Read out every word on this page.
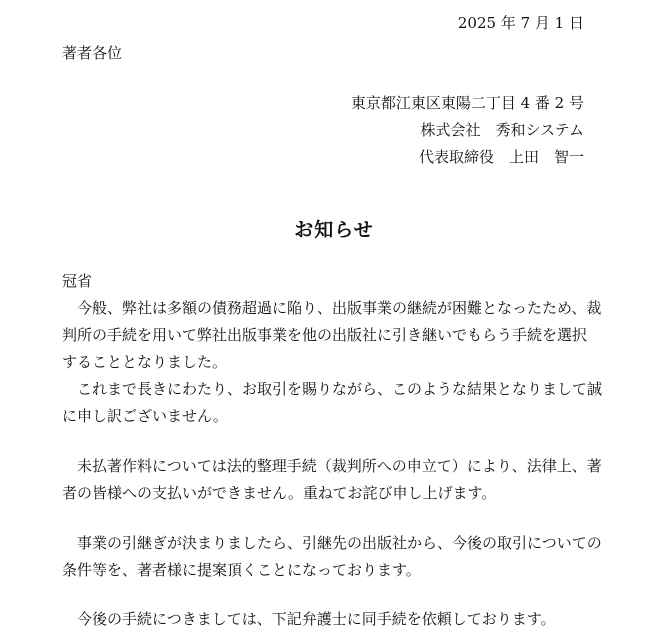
2025 年 7 月 1 日
著者各位
東京都江東区東陽二丁目 4 番 2 号
株式会社　秀和システム
代表取締役　上田　智一
お知らせ
冠省
　今般、弊社は多額の債務超過に陥り、出版事業の継続が困難となったため、裁
判所の手続を用いて弊社出版事業を他の出版社に引き継いでもらう手続を選択
することとなりました。
　これまで長きにわたり、お取引を賜りながら、このような結果となりまして誠
に申し訳ございません。
　未払著作料については法的整理手続（裁判所への申立て）により、法律上、著
者の皆様への支払いができません。重ねてお詫び申し上げます。
　事業の引継ぎが決まりましたら、引継先の出版社から、今後の取引についての
条件等を、著者様に提案頂くことになっております。
　今後の手続につきましては、下記弁護士に同手続を依頼しております。
